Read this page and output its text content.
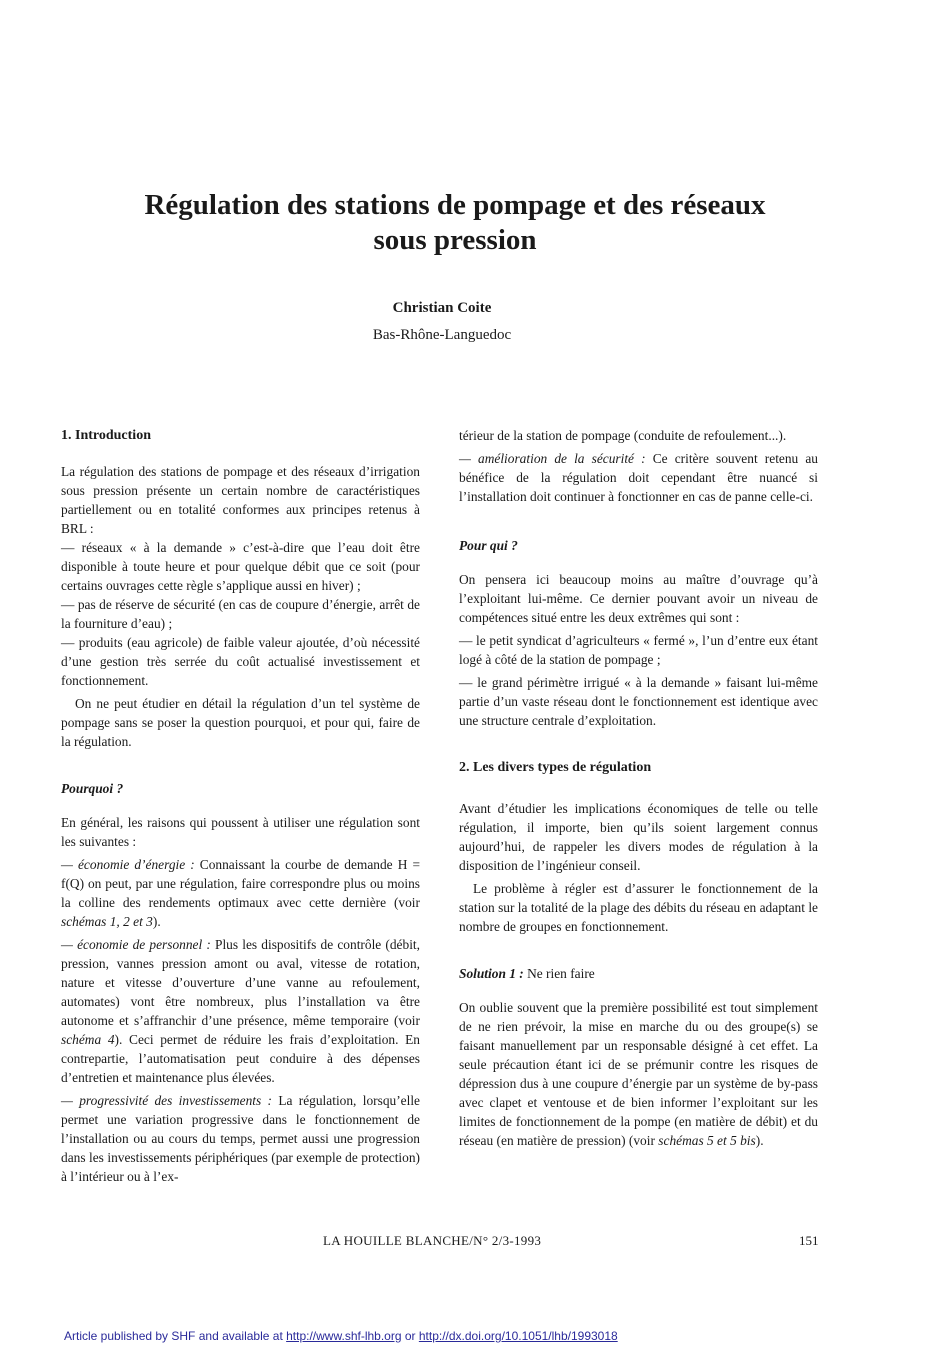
Régulation des stations de pompage et des réseaux
sous pression
Christian Coite
Bas-Rhône-Languedoc

1. Introduction

La régulation des stations de pompage et des réseaux d’irrigation sous pression présente un certain nombre de caractéristiques partiellement ou en totalité conformes aux principes retenus à BRL :

— réseaux « à la demande » c’est-à-dire que l’eau doit être disponible à toute heure et pour quelque débit que ce soit (pour certains ouvrages cette règle s’applique aussi en hiver) ;

— pas de réserve de sécurité (en cas de coupure d’énergie, arrêt de la fourniture d’eau) ;

— produits (eau agricole) de faible valeur ajoutée, d’où nécessité d’une gestion très serrée du coût actualisé investissement et fonctionnement.

On ne peut étudier en détail la régulation d’un tel système de pompage sans se poser la question pourquoi, et pour qui, faire de la régulation.

Pourquoi ?

En général, les raisons qui poussent à utiliser une régulation sont les suivantes :

— économie d’énergie : Connaissant la courbe de demande H = f(Q) on peut, par une régulation, faire correspondre plus ou moins la colline des rendements optimaux avec cette dernière (voir schémas 1, 2 et 3).

— économie de personnel : Plus les dispositifs de contrôle (débit, pression, vannes pression amont ou aval, vitesse de rotation, nature et vitesse d’ouverture d’une vanne au refoulement, automates) vont être nombreux, plus l’installation va être autonome et s’affranchir d’une présence, même temporaire (voir schéma 4). Ceci permet de réduire les frais d’exploitation. En contrepartie, l’automatisation peut conduire à des dépenses d’entretien et maintenance plus élevées.

— progressivité des investissements : La régulation, lorsqu’elle permet une variation progressive dans le fonctionnement de l’installation ou au cours du temps, permet aussi une progression dans les investissements périphériques (par exemple de protection) à l’intérieur ou à l’ex-

térieur de la station de pompage (conduite de refoulement...).

— amélioration de la sécurité : Ce critère souvent retenu au bénéfice de la régulation doit cependant être nuancé si l’installation doit continuer à fonctionner en cas de panne celle-ci.

Pour qui ?

On pensera ici beaucoup moins au maître d’ouvrage qu’à l’exploitant lui-même. Ce dernier pouvant avoir un niveau de compétences situé entre les deux extrêmes qui sont :

— le petit syndicat d’agriculteurs « fermé », l’un d’entre eux étant logé à côté de la station de pompage ;

— le grand périmètre irrigué « à la demande » faisant lui-même partie d’un vaste réseau dont le fonctionnement est identique avec une structure centrale d’exploitation.

2. Les divers types de régulation

Avant d’étudier les implications économiques de telle ou telle régulation, il importe, bien qu’ils soient largement connus aujourd’hui, de rappeler les divers modes de régulation à la disposition de l’ingénieur conseil.

Le problème à régler est d’assurer le fonctionnement de la station sur la totalité de la plage des débits du réseau en adaptant le nombre de groupes en fonctionnement.

Solution 1 : Ne rien faire

On oublie souvent que la première possibilité est tout simplement de ne rien prévoir, la mise en marche du ou des groupe(s) se faisant manuellement par un responsable désigné à cet effet. La seule précaution étant ici de se prémunir contre les risques de dépression dus à une coupure d’énergie par un système de by-pass avec clapet et ventouse et de bien informer l’exploitant sur les limites de fonctionnement de la pompe (en matière de débit) et du réseau (en matière de pression) (voir schémas 5 et 5 bis).

LA HOUILLE BLANCHE/N° 2/3-1993	151
Article published by SHF and available at http://www.shf-lhb.org or http://dx.doi.org/10.1051/lhb/1993018
